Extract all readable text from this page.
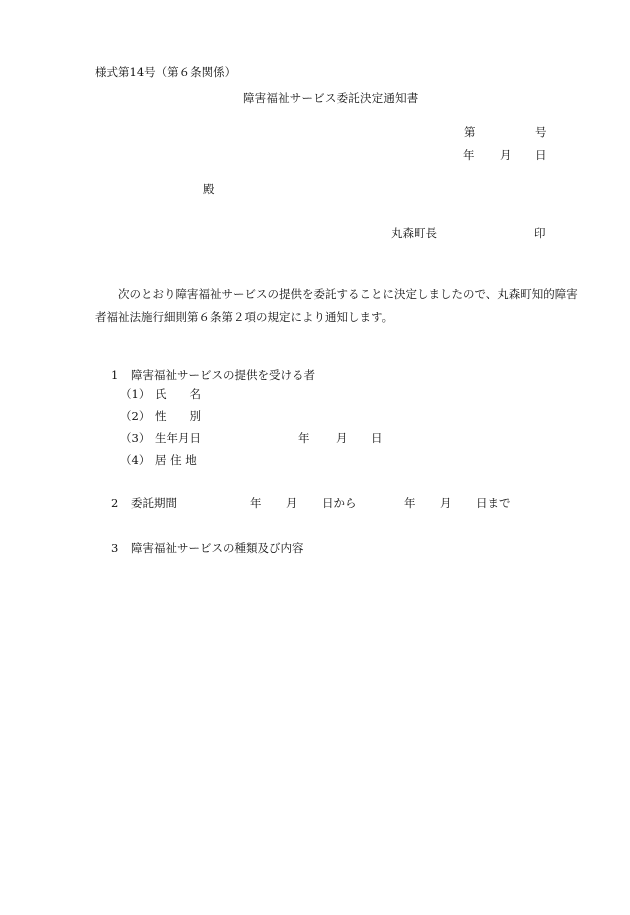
様式第14号（第６条関係）
障害福祉サービス委託決定通知書
第	号
年 月 日
殿
丸森町長	印
次のとおり障害福祉サービスの提供を委託することに決定しましたので、丸森町知的障害者福祉法施行細則第６条第２項の規定により通知します。
1 障害福祉サービスの提供を受ける者
（1） 氏　　名
（2） 性　　別
（3） 生年月日
（4） 居 住 地
年 月 日
2 委託期間	年 月 日から	年 月 日まで
3 障害福祉サービスの種類及び内容
